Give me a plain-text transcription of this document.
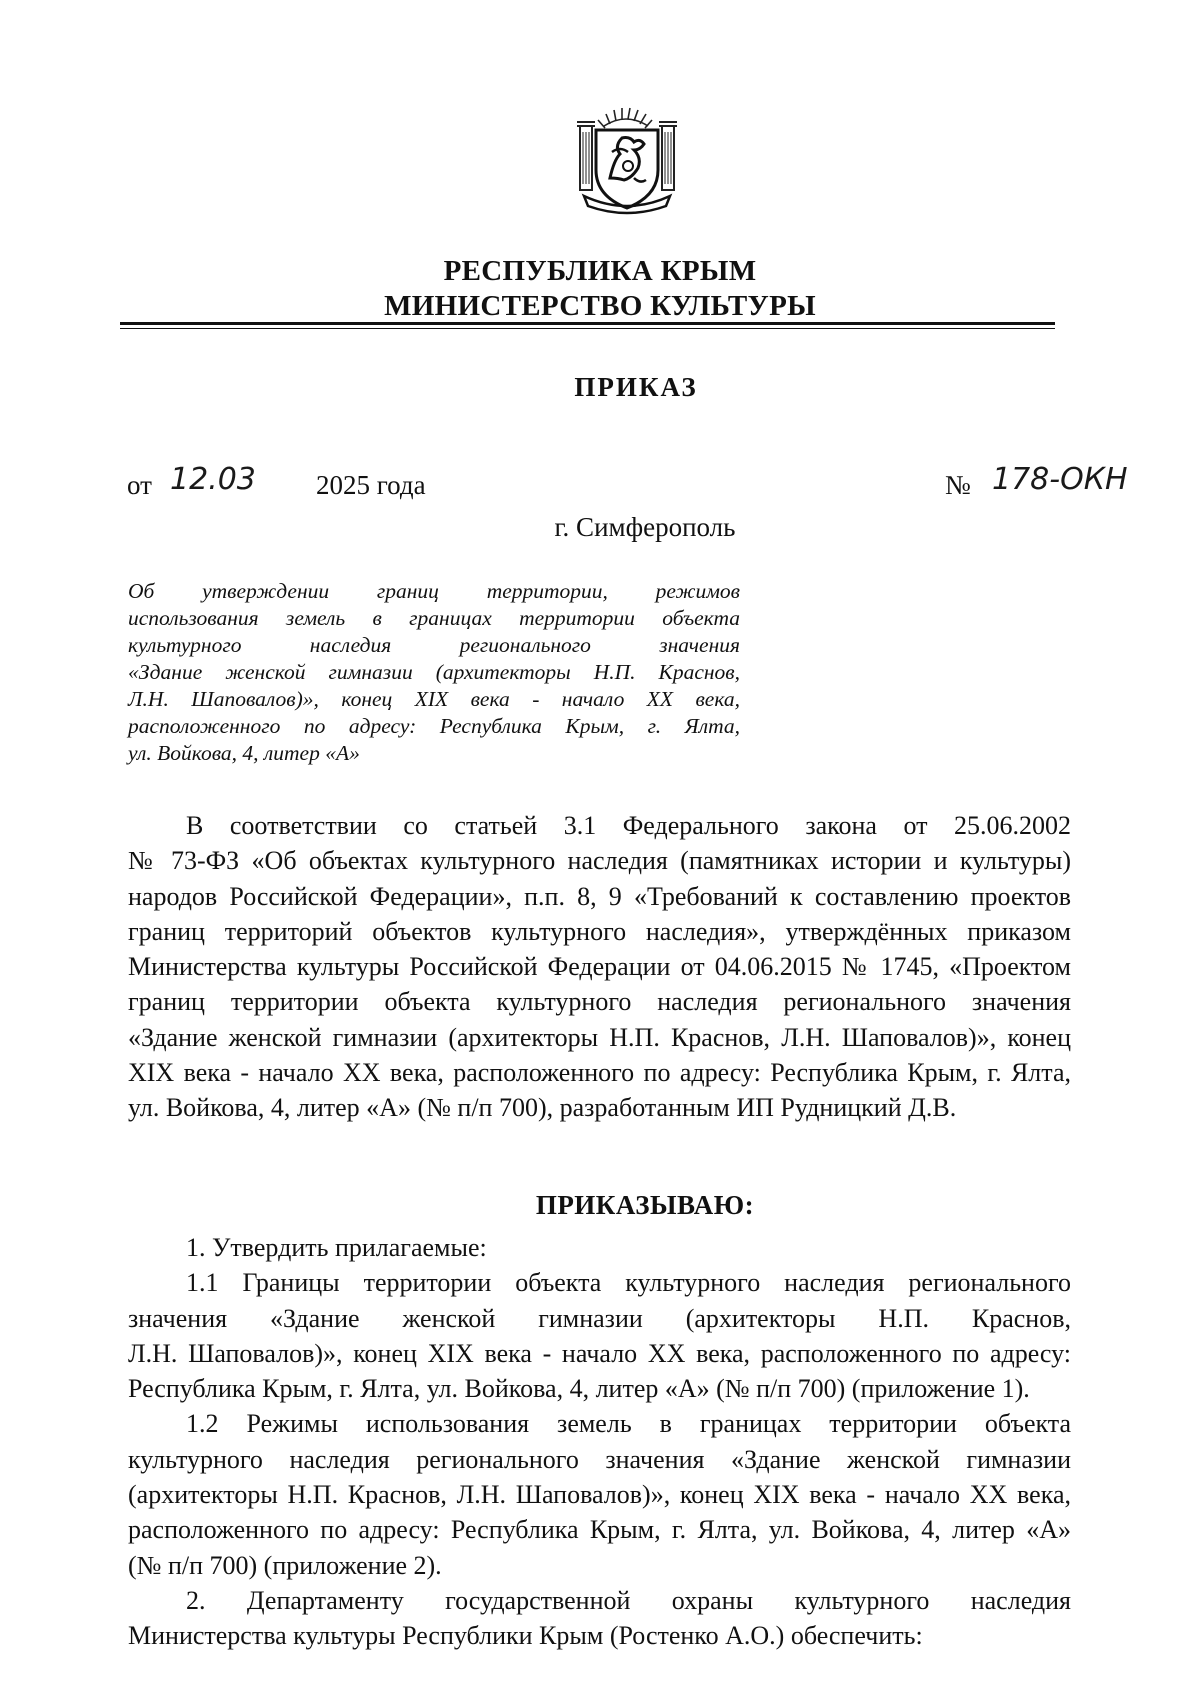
РЕСПУБЛИКА КРЫМ
МИНИСТЕРСТВО КУЛЬТУРЫ
ПРИКАЗ
от 12.03 2025 года	№ 178-ОКН
г. Симферополь
Об утверждении границ территории, режимов
использования земель в границах территории объекта
культурного наследия регионального значения
«Здание женской гимназии (архитекторы Н.П. Краснов,
Л.Н. Шаповалов)», конец XIX века - начало XX века,
расположенного по адресу: Республика Крым, г. Ялта,
ул. Войкова, 4, литер «А»
В соответствии со статьей 3.1 Федерального закона от 25.06.2002
№ 73-ФЗ «Об объектах культурного наследия (памятниках истории и культуры)
народов Российской Федерации», п.п. 8, 9 «Требований к составлению проектов
границ территорий объектов культурного наследия», утверждённых приказом
Министерства культуры Российской Федерации от 04.06.2015 № 1745, «Проектом
границ территории объекта культурного наследия регионального значения
«Здание женской гимназии (архитекторы Н.П. Краснов, Л.Н. Шаповалов)», конец
XIX века - начало XX века, расположенного по адресу: Республика Крым, г. Ялта,
ул. Войкова, 4, литер «А» (№ п/п 700), разработанным ИП Рудницкий Д.В.
ПРИКАЗЫВАЮ:
1. Утвердить прилагаемые:
1.1 Границы территории объекта культурного наследия регионального
значения «Здание женской гимназии (архитекторы Н.П. Краснов,
Л.Н. Шаповалов)», конец XIX века - начало XX века, расположенного по адресу:
Республика Крым, г. Ялта, ул. Войкова, 4, литер «А» (№ п/п 700) (приложение 1).
1.2 Режимы использования земель в границах территории объекта
культурного наследия регионального значения «Здание женской гимназии
(архитекторы Н.П. Краснов, Л.Н. Шаповалов)», конец XIX века - начало XX века,
расположенного по адресу: Республика Крым, г. Ялта, ул. Войкова, 4, литер «А»
(№ п/п 700) (приложение 2).
2. Департаменту государственной охраны культурного наследия
Министерства культуры Республики Крым (Ростенко А.О.) обеспечить:
